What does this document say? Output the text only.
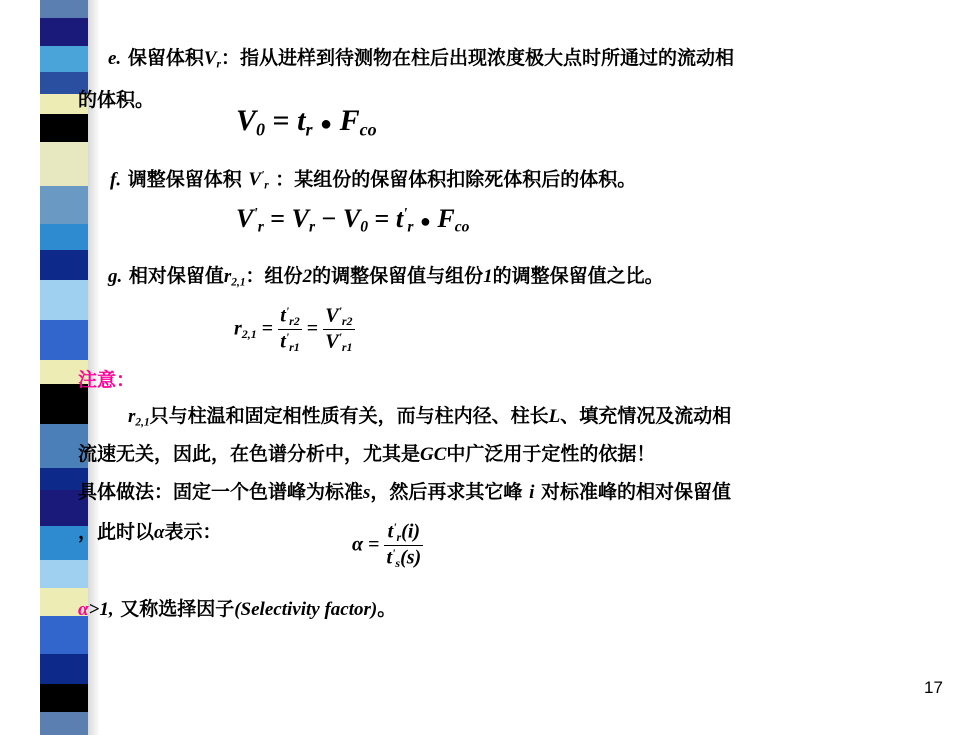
e. 保留体积$V_r$：指从进样到待测物在柱后出现浓度极大点时所通过的流动相
的体积。
$V_0 = t_r$ ● $F_{co}$
f. 调整保留体积 $V'_r$ ：某组份的保留体积扣除死体积后的体积。
$V'_r = V_r - V_0 = t'_r$ ● $F_{co}$
g. 相对保留值$r_{2,1}$：组份2的调整保留值与组份1的调整保留值之比。
$r_{2,1} = \frac{t'_{r2}}{t'_{r1}} = \frac{V'_{r2}}{V'_{r1}}$
注意：
$r_{2,1}$只与柱温和固定相性质有关，而与柱内径、柱长L、填充情况及流动相
流速无关，因此，在色谱分析中，尤其是GC中广泛用于定性的依据！
具体做法：固定一个色谱峰为标准s，然后再求其它峰 i 对标准峰的相对保留值
，此时以α表示：
$\alpha = \frac{t'_r(i)}{t'_s(s)}$
α>1, 又称选择因子(Selectivity factor)。
17
